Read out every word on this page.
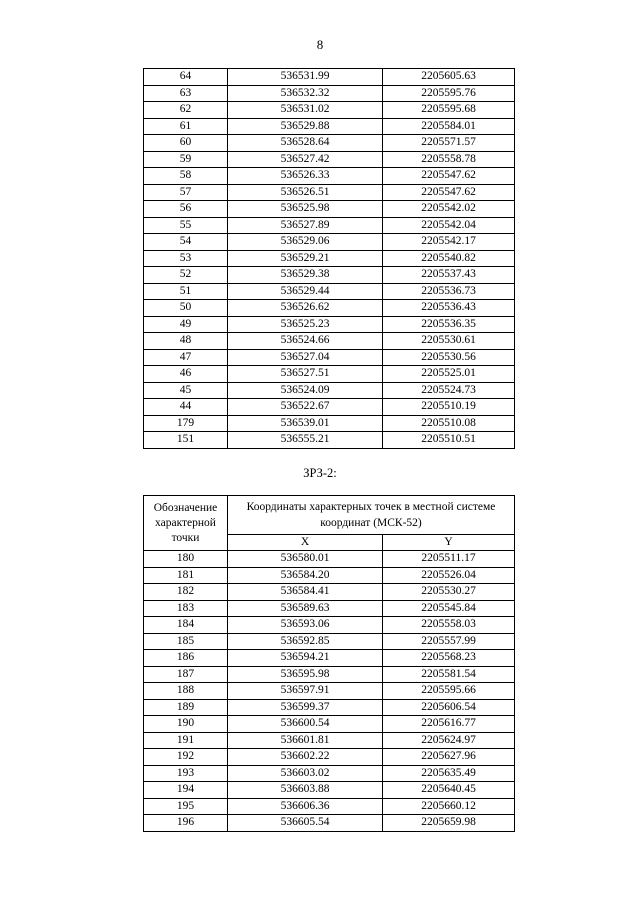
8
64	536531.99	2205605.63
63	536532.32	2205595.76
62	536531.02	2205595.68
61	536529.88	2205584.01
60	536528.64	2205571.57
59	536527.42	2205558.78
58	536526.33	2205547.62
57	536526.51	2205547.62
56	536525.98	2205542.02
55	536527.89	2205542.04
54	536529.06	2205542.17
53	536529.21	2205540.82
52	536529.38	2205537.43
51	536529.44	2205536.73
50	536526.62	2205536.43
49	536525.23	2205536.35
48	536524.66	2205530.61
47	536527.04	2205530.56
46	536527.51	2205525.01
45	536524.09	2205524.73
44	536522.67	2205510.19
179	536539.01	2205510.08
151	536555.21	2205510.51
ЗРЗ-2:
Обозначение характерной точки	Координаты характерных точек в местной системе координат (МСК-52)	
	X	Y
180	536580.01	2205511.17
181	536584.20	2205526.04
182	536584.41	2205530.27
183	536589.63	2205545.84
184	536593.06	2205558.03
185	536592.85	2205557.99
186	536594.21	2205568.23
187	536595.98	2205581.54
188	536597.91	2205595.66
189	536599.37	2205606.54
190	536600.54	2205616.77
191	536601.81	2205624.97
192	536602.22	2205627.96
193	536603.02	2205635.49
194	536603.88	2205640.45
195	536606.36	2205660.12
196	536605.54	2205659.98
